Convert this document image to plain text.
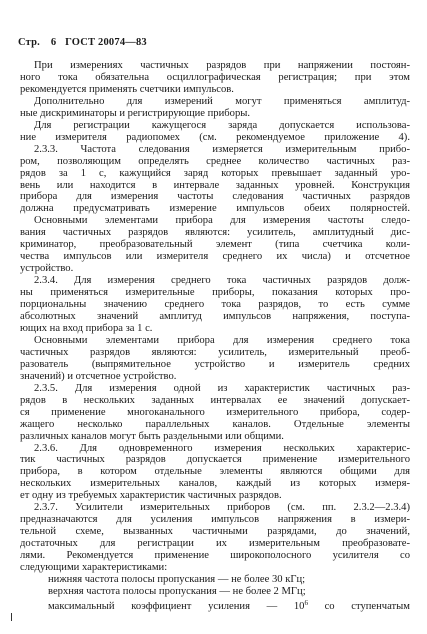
Стр. 6 ГОСТ 20074—83
При измерениях частичных разрядов при напряжении постоян-
ного тока обязательна осциллографическая регистрация; при этом
рекомендуется применять счетчики импульсов.
Дополнительно для измерений могут применяться амплитуд-
ные дискриминаторы и регистрирующие приборы.
Для регистрации кажущегося заряда допускается использова-
ние измерителя радиопомех (см. рекомендуемое приложение 4).
2.3.3. Частота следования измеряется измерительным прибо-
ром, позволяющим определять среднее количество частичных раз-
рядов за 1 с, кажущийся заряд которых превышает заданный уро-
вень или находится в интервале заданных уровней. Конструкция
прибора для измерения частоты следования частичных разрядов
должна предусматривать измерение импульсов обеих полярностей.
Основными элементами прибора для измерения частоты следо-
вания частичных разрядов являются: усилитель, амплитудный дис-
криминатор, преобразовательный элемент (типа счетчика коли-
чества импульсов или измерителя среднего их числа) и отсчетное
устройство.
2.3.4. Для измерения среднего тока частичных разрядов долж-
ны применяться измерительные приборы, показания которых про-
порциональны значению среднего тока разрядов, то есть сумме
абсолютных значений амплитуд импульсов напряжения, поступа-
ющих на вход прибора за 1 с.
Основными элементами прибора для измерения среднего тока
частичных разрядов являются: усилитель, измерительный преоб-
разователь (выпрямительное устройство и измеритель средних
значений) и отсчетное устройство.
2.3.5. Для измерения одной из характеристик частичных раз-
рядов в нескольких заданных интервалах ее значений допускает-
ся применение многоканального измерительного прибора, содер-
жащего несколько параллельных каналов. Отдельные элементы
различных каналов могут быть раздельными или общими.
2.3.6. Для одновременного измерения нескольких характерис-
тик частичных разрядов допускается применение измерительного
прибора, в котором отдельные элементы являются общими для
нескольких измерительных каналов, каждый из которых измеря-
ет одну из требуемых характеристик частичных разрядов.
2.3.7. Усилители измерительных приборов (см. пп. 2.3.2—2.3.4)
предназначаются для усиления импульсов напряжения в измери-
тельной схеме, вызванных частичными разрядами, до значений,
достаточных для регистрации их измерительным преобразовате-
лями. Рекомендуется применение широкополосного усилителя со
следующими характеристиками:
нижняя частота полосы пропускания — не более 30 кГц;
верхняя частота полосы пропускания — не более 2 МГц;
максимальный коэффициент усиления — $10^6$ со ступенчатым
